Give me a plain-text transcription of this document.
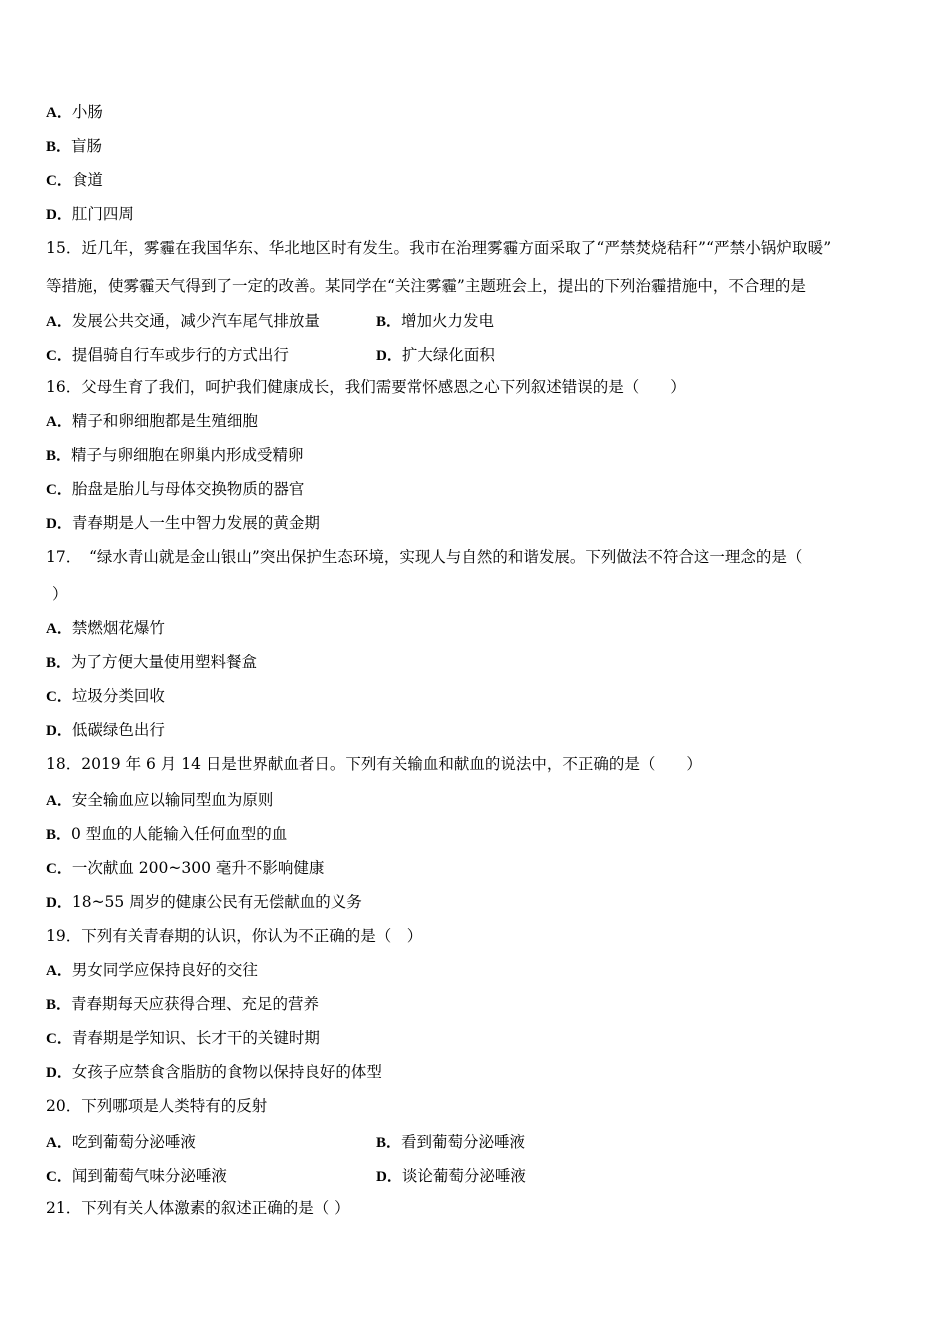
A．小肠
B．盲肠
C．食道
D．肛门四周
15．近几年，雾霾在我国华东、华北地区时有发生。我市在治理雾霾方面采取了“严禁焚烧秸秆”“严禁小锅炉取暖”
等措施，使雾霾天气得到了一定的改善。某同学在“关注雾霾”主题班会上，提出的下列治霾措施中，不合理的是
A．发展公共交通，减少汽车尾气排放量	B．增加火力发电
C．提倡骑自行车或步行的方式出行	D．扩大绿化面积
16．父母生育了我们，呵护我们健康成长，我们需要常怀感恩之心下列叙述错误的是（　　）
A．精子和卵细胞都是生殖细胞
B．精子与卵细胞在卵巢内形成受精卵
C．胎盘是胎儿与母体交换物质的器官
D．青春期是人一生中智力发展的黄金期
17．　“绿水青山就是金山银山”突出保护生态环境，实现人与自然的和谐发展。下列做法不符合这一理念的是（
）
A．禁燃烟花爆竹
B．为了方便大量使用塑料餐盒
C．垃圾分类回收
D．低碳绿色出行
18．2019 年 6 月 14 日是世界献血者日。下列有关输血和献血的说法中，不正确的是（　　）
A．安全输血应以输同型血为原则
B．0 型血的人能输入任何血型的血
C．一次献血 200~300 毫升不影响健康
D．18~55 周岁的健康公民有无偿献血的义务
19．下列有关青春期的认识，你认为不正确的是（　）
A．男女同学应保持良好的交往
B．青春期每天应获得合理、充足的营养
C．青春期是学知识、长才干的关键时期
D．女孩子应禁食含脂肪的食物以保持良好的体型
20．下列哪项是人类特有的反射
A．吃到葡萄分泌唾液	B．看到葡萄分泌唾液
C．闻到葡萄气味分泌唾液	D．谈论葡萄分泌唾液
21．下列有关人体激素的叙述正确的是（ ）
